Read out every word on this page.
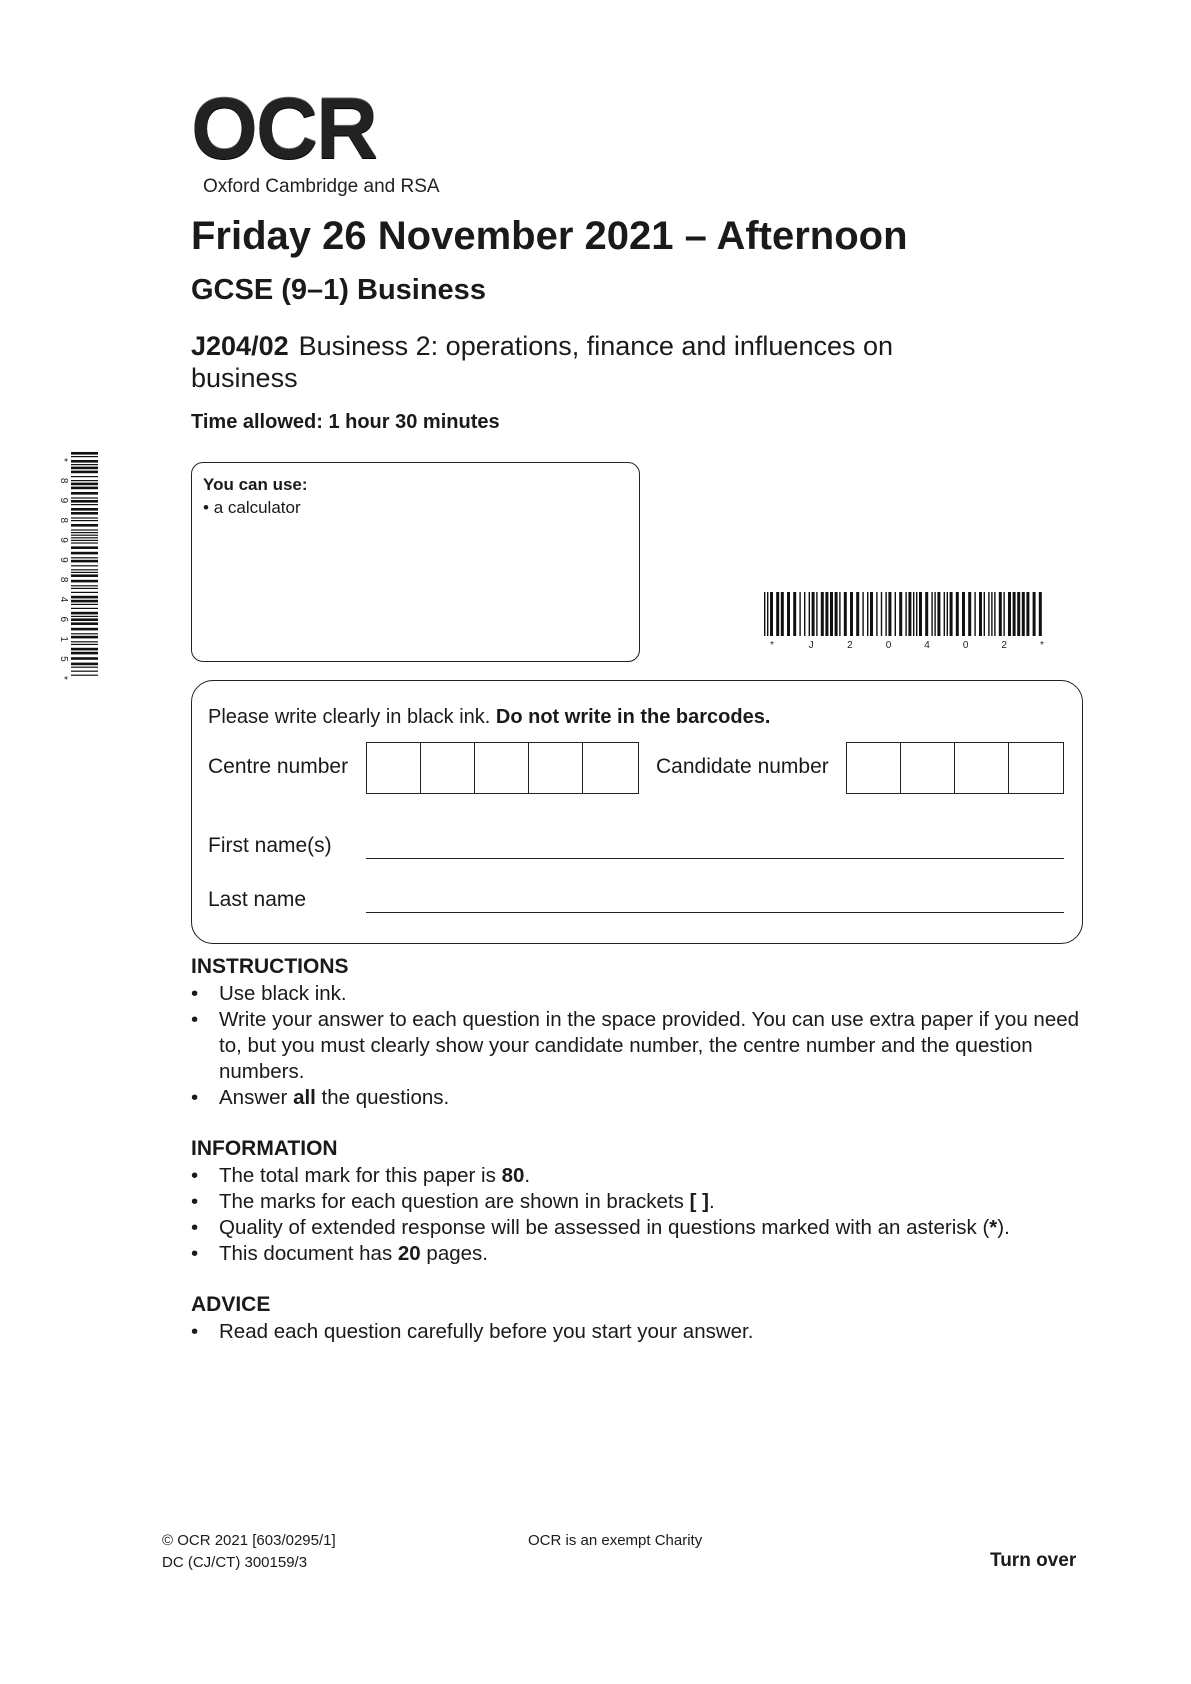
OCR
Oxford Cambridge and RSA
Friday 26 November 2021 – Afternoon
GCSE (9–1) Business
J204/02 Business 2: operations, finance and influences on business
Time allowed: 1 hour 30 minutes
*
8
9
8
9
9
8
4
6
1
5
*
You can use:
• a calculator
*	J	2	0	4	0	2	*
Please write clearly in black ink. Do not write in the barcodes.
Centre number	Candidate number
First name(s)
Last name
INSTRUCTIONS
• Use black ink.
• Write your answer to each question in the space provided. You can use extra paper if you need to, but you must clearly show your candidate number, the centre number and the question numbers.
• Answer all the questions.
INFORMATION
• The total mark for this paper is 80.
• The marks for each question are shown in brackets [ ].
• Quality of extended response will be assessed in questions marked with an asterisk (*).
• This document has 20 pages.
ADVICE
• Read each question carefully before you start your answer.
© OCR 2021 [603/0295/1]
DC (CJ/CT) 300159/3
OCR is an exempt Charity
Turn over
